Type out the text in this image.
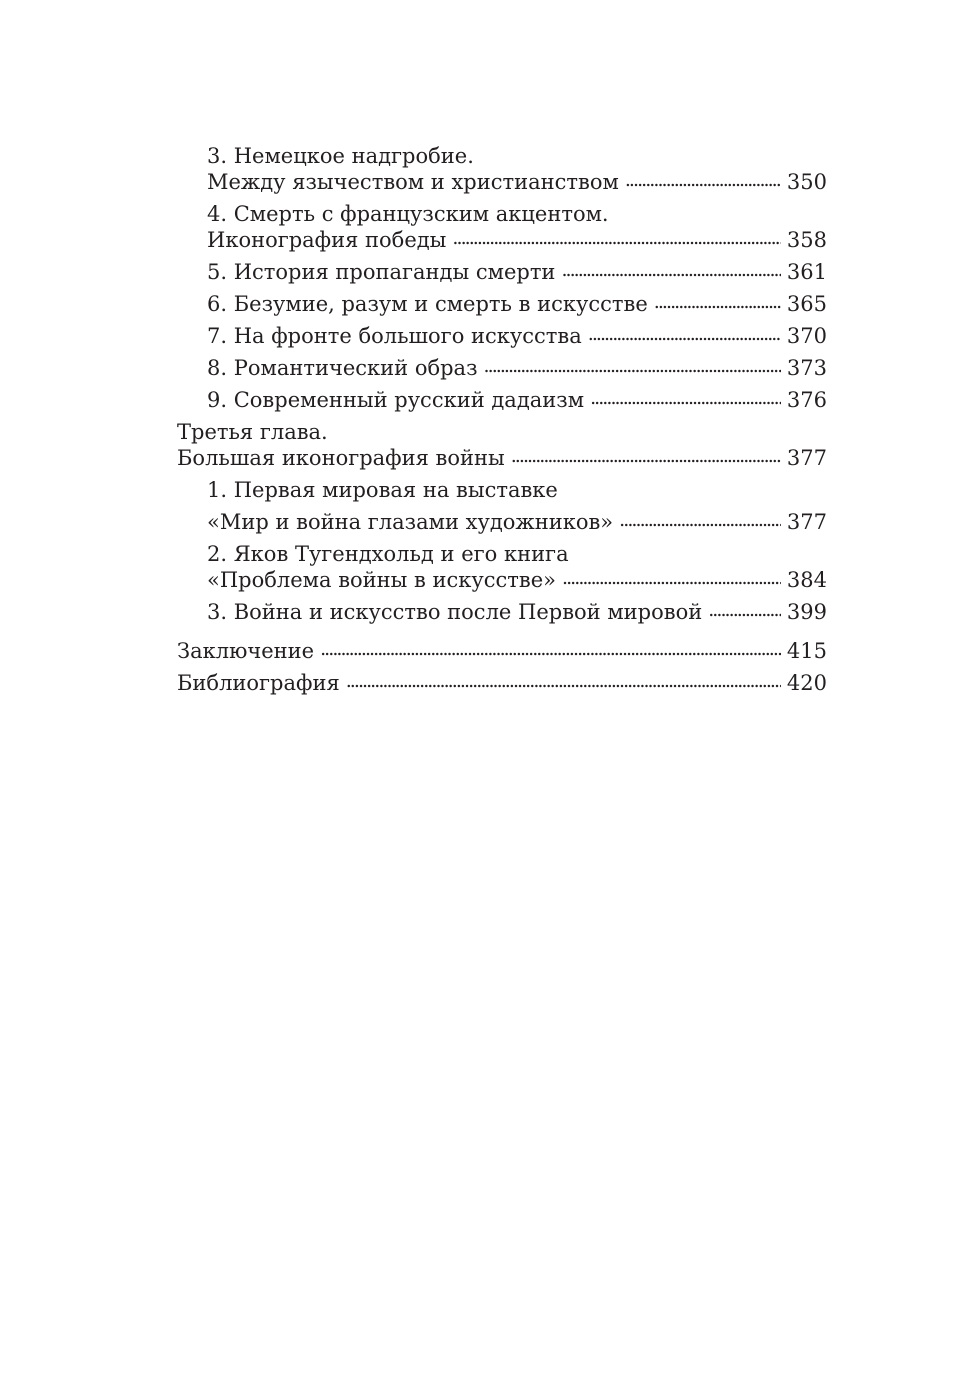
3. Немецкое надгробие.
Между язычеством и христианством . . .	350
4. Смерть с французским акцентом.
Иконография победы . . .	358
5. История пропаганды смерти . . .	361
6. Безумие, разум и смерть в искусстве . . .	365
7. На фронте большого искусства . . .	370
8. Романтический образ . . .	373
9. Современный русский дадаизм . . .	376
Третья глава.
Большая иконография войны . . .	377
1. Первая мировая на выставке
«Мир и война глазами художников» . . .	377
2. Яков Тугендхольд и его книга
«Проблема войны в искусстве» . . .	384
3. Война и искусство после Первой мировой . . .	399
Заключение . . .	415
Библиография . . .	420
